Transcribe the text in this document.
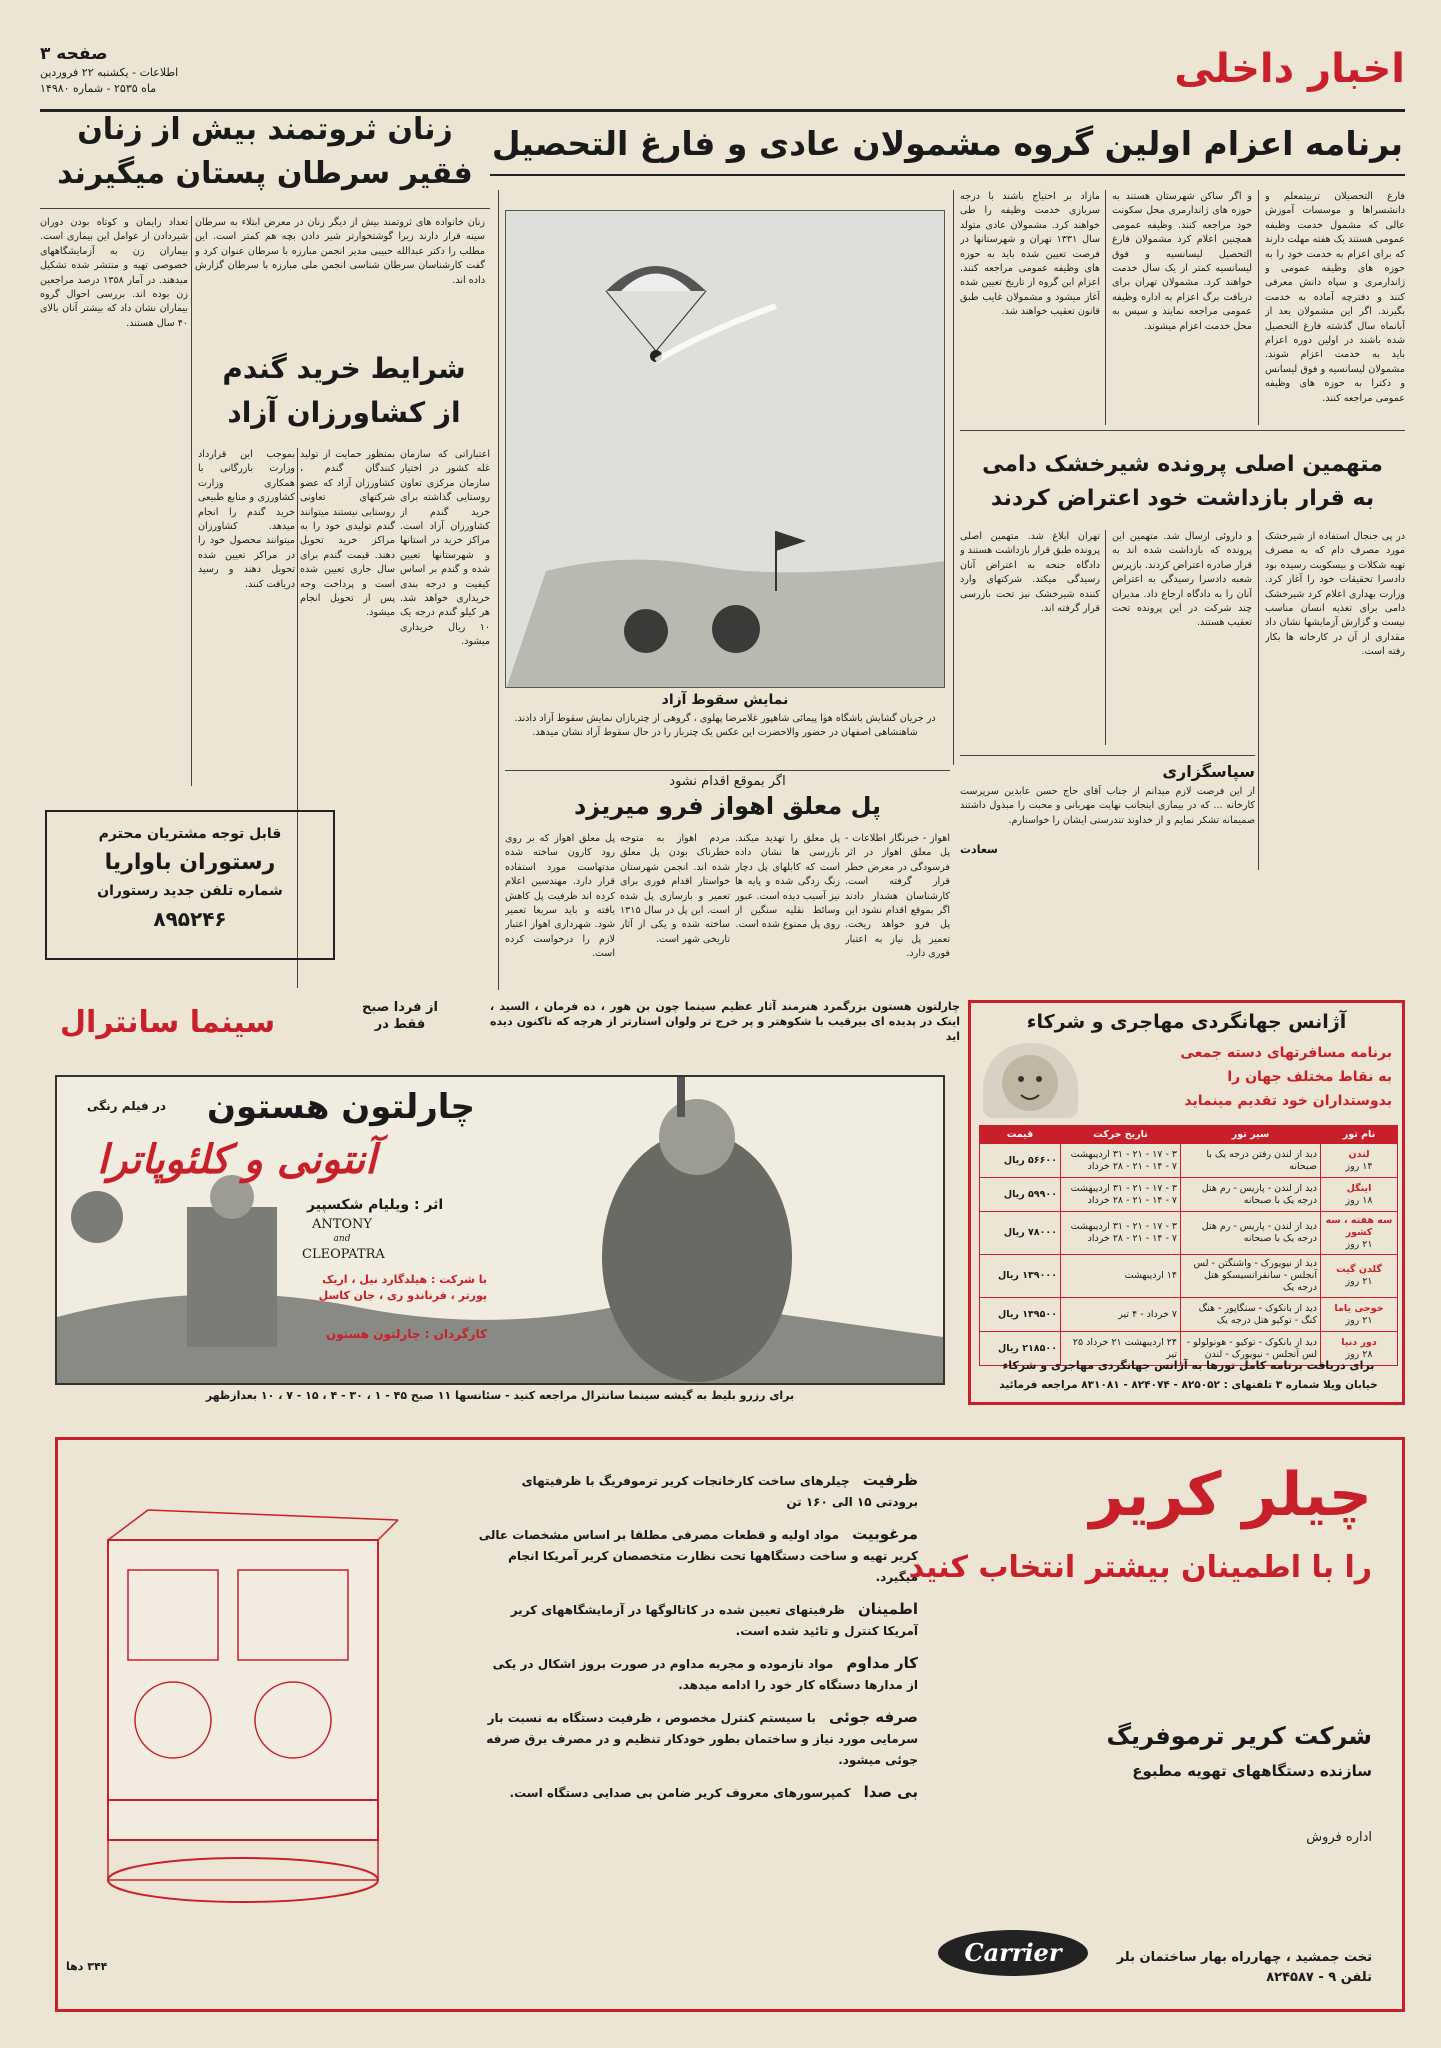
اخبار داخلی
صفحه ۳
اطلاعات - یکشنبه ۲۲ فروردین
ماه ۲۵۳۵ - شماره ۱۴۹۸۰
برنامه اعزام اولین گروه مشمولان عادی و فارغ التحصیل
فارغ التحصیلان تربیتمعلم و دانشسراها و موسسات آموزش عالی که مشمول خدمت وظیفه عمومی هستند یک هفته مهلت دارند که برای اعزام به خدمت خود را به حوزه های وظیفه عمومی و ژاندارمری و سپاه دانش معرفی کنند و دفترچه آماده به خدمت بگیرند. اگر این مشمولان بعد از آبانماه سال گذشته فارغ التحصیل شده باشند در اولین دوره اعزام باید به خدمت اعزام شوند. مشمولان لیسانسیه و فوق لیسانس و دکترا به حوزه های وظیفه عمومی مراجعه کنند.
و اگر ساکن شهرستان هستند به حوزه های ژاندارمری محل سکونت خود مراجعه کنند. وظیفه عمومی همچنین اعلام کرد مشمولان فارغ التحصیل لیسانسیه و فوق لیسانسیه کمتر از یک سال خدمت خواهند کرد. مشمولان تهران برای دریافت برگ اعزام به اداره وظیفه عمومی مراجعه نمایند و سپس به محل خدمت اعزام میشوند.
مازاد بر احتیاج باشند با درجه سربازی خدمت وظیفه را طی خواهند کرد. مشمولان عادی متولد سال ۱۳۳۱ تهران و شهرستانها در فرصت تعیین شده باید به حوزه های وظیفه عمومی مراجعه کنند. اعزام این گروه از تاریخ تعیین شده آغاز میشود و مشمولان غایب طبق قانون تعقیب خواهند شد.
نمایش سقوط آزاد
در جریان گشایش باشگاه هوا پیمائی شاهپور غلامرضا پهلوی ، گروهی از چتربازان نمایش سقوط آزاد دادند. شاهنشاهی اصفهان در حضور والاحضرت این عکس یک چترباز را در حال سقوط آزاد نشان میدهد.
زنان ثروتمند بیش از زنان
فقیر سرطان پستان میگیرند
زنان خانواده های ثروتمند بیش از دیگر زنان در معرض ابتلاء به سرطان سینه قرار دارند زیرا گوشتخوارتر شیر دادن بچه هم کمتر است. این مطلب را دکتر عبدالله حبیبی مدیر انجمن مبارزه با سرطان عنوان کرد و گفت کارشناسان سرطان شناسی انجمن ملی مبارزه با سرطان گزارش داده اند.
تعداد زایمان و کوتاه بودن دوران شیردادن از عوامل این بیماری است. بیماران زن به آزمایشگاههای خصوصی تهیه و منتشر شده تشکیل میدهند. در آمار ۱۳۵۸ درصد مراجعین زن بوده اند. بررسی احوال گروه بیماران نشان داد که بیشتر آنان بالای ۴۰ سال هستند.
شرایط خرید گندم
از کشاورزان آزاد
اعتباراتی که سازمان غله کشور در اختیار سازمان مرکزی تعاون روستایی گذاشته برای خرید گندم از کشاورزان آزاد است. مراکز خرید در استانها و شهرستانها تعیین شده و گندم بر اساس کیفیت و درجه بندی خریداری خواهد شد. هر کیلو گندم درجه یک ۱۰ ریال خریداری میشود.
بمنظور حمایت از تولید کنندگان گندم ، کشاورزان آزاد که عضو شرکتهای تعاونی روستایی نیستند میتوانند گندم تولیدی خود را به مراکز خرید تحویل دهند. قیمت گندم برای سال جاری تعیین شده است و پرداخت وجه پس از تحویل انجام میشود.
بموجب این قرارداد وزارت بازرگانی با همکاری وزارت کشاورزی و منابع طبیعی خرید گندم را انجام میدهد. کشاورزان میتوانند محصول خود را در مراکز تعیین شده تحویل دهند و رسید دریافت کنند.
قابل توجه مشتریان محترم
رستوران باواریا
شماره تلفن جدید رستوران
۸۹۵۲۴۶
متهمین اصلی پرونده شیرخشک دامی
به قرار بازداشت خود اعتراض کردند
در پی جنجال استفاده از شیرخشک مورد مصرف دام که به مصرف تهیه شکلات و بیسکویت رسیده بود دادسرا تحقیقات خود را آغاز کرد. وزارت بهداری اعلام کرد شیرخشک دامی برای تغذیه انسان مناسب نیست و گزارش آزمایشها نشان داد مقداری از آن در کارخانه ها بکار رفته است.
و داروئی ارسال شد. متهمین این پرونده که بازداشت شده اند به قرار صادره اعتراض کردند. بازپرس شعبه دادسرا رسیدگی به اعتراض آنان را به دادگاه ارجاع داد. مدیران چند شرکت در این پرونده تحت تعقیب هستند.
تهران ابلاغ شد. متهمین اصلی پرونده طبق قرار بازداشت هستند و دادگاه جنحه به اعتراض آنان رسیدگی میکند. شرکتهای وارد کننده شیرخشک نیز تحت بازرسی قرار گرفته اند.
سپاسگزاری
از این فرصت لازم میدانم از جناب آقای حاج حسن عابدین سرپرست کارخانه ... که در بیماری اینجانب نهایت مهربانی و محبت را مبذول داشتند صمیمانه تشکر نمایم و از خداوند تندرستی ایشان را خواستارم.
سعادت
اگر بموقع اقدام نشود
پل معلق اهواز فرو میریزد
اهواز - خبرنگار اطلاعات - پل معلق اهواز در اثر فرسودگی در معرض خطر قرار گرفته است. کارشناسان هشدار دادند اگر بموقع اقدام نشود این پل فرو خواهد ریخت. تعمیر پل نیاز به اعتبار فوری دارد.
پل معلق را تهدید میکند. بازرسی ها نشان داده است که کابلهای پل دچار زنگ زدگی شده و پایه ها نیز آسیب دیده است. عبور وسائط نقلیه سنگین از روی پل ممنوع شده است.
مردم اهواز به متوجه خطرناک بودن پل معلق شده اند. انجمن شهرستان خواستار اقدام فوری برای تعمیر و بازسازی پل شده است. این پل در سال ۱۳۱۵ ساخته شده و یکی از آثار تاریخی شهر است.
پل معلق اهواز که بر روی رود کارون ساخته شده مدتهاست مورد استفاده قرار دارد. مهندسین اعلام کرده اند ظرفیت پل کاهش یافته و باید سریعا تعمیر شود. شهرداری اهواز اعتبار لازم را درخواست کرده است.
سینما سانترال	از فردا صبح
فقط در
چارلتون هستون بزرگمرد هنرمند آثار عظیم سینما چون بن هور ، ده فرمان ، السید ، اینک در پدیده ای بیرقیب با شکوهتر و پر خرج تر ولوان استارتر از هرچه که تاکنون دیده اید
چارلتون هستون
در فیلم رنگی
آنتونی و کلئوپاترا
اثر : ویلیام شکسپیر
ANTONY
and
CLEOPATRA
با شرکت : هیلدگارد نیل ، اریک پورتر ، فرناندو ری ، جان کاسل
کارگردان : چارلتون هستون
برای رزرو بلیط به گیشه سینما سانترال مراجعه کنید - سئانسها ۱۱ صبح ۴۵ - ۱ ، ۳۰ - ۴ ، ۱۵ - ۷ ، ۱۰ بعدازظهر
آژانس جهانگردی مهاجری و شرکاء
برنامه مسافرتهای دسته جمعی
به نقاط مختلف جهان را
بدوستداران خود تقدیم مینماید
نام تور	سیر تور	تاریخ حرکت	قیمت

لندن
۱۴ روز	دید از لندن رفتن درجه یک با صبحانه	۳ - ۱۷ - ۲۱ - ۳۱ اردیبهشت ۷ - ۱۴ - ۲۱ - ۲۸ خرداد	۵۶۶۰۰ ریال

اینگل
۱۸ روز	دید از لندن - پاریس - رم هتل درجه یک با صبحانه	۳ - ۱۷ - ۲۱ - ۳۱ اردیبهشت ۷ - ۱۴ - ۲۱ - ۲۸ خرداد	۵۹۹۰۰ ریال

سه هفته ، سه کشور
۲۱ روز	دید از لندن - پاریس - رم هتل درجه یک با صبحانه	۳ - ۱۷ - ۲۱ - ۳۱ اردیبهشت ۷ - ۱۴ - ۲۱ - ۲۸ خرداد	۷۸۰۰۰ ریال

گلدن گیت
۲۱ روز	دید از نیویورک - واشنگتن - لس آنجلس - سانفرانسیسکو هتل درجه یک	۱۴ اردیبهشت	۱۳۹۰۰۰ ریال

خوجی یاما
۲۱ روز	دید از بانکوک - سنگاپور - هنگ کنگ - توکیو هتل درجه یک	۷ خرداد - ۴ تیر	۱۳۹۵۰۰ ریال

دور دنیا
۲۸ روز	دید از بانکوک - توکیو - هونولولو - لس آنجلس - نیویورک - لندن	۲۴ اردیبهشت ۲۱ خرداد ۲۵ تیر	۲۱۸۵۰۰ ریال
برای دریافت برنامه کامل تورها به آژانس جهانگردی مهاجری و شرکاء
خیابان ویلا شماره ۳ تلفنهای : ۸۲۵۰۵۲ - ۸۲۴۰۷۴ - ۸۳۱۰۸۱ مراجعه فرمائید
چیلر کریر
را با اطمینان بیشتر انتخاب کنید
شرکت کریر ترموفریگ
سازنده دستگاههای تهویه مطبوع
اداره فروش
تخت جمشید ، چهارراه بهار ساختمان بلر
تلفن ۹ - ۸۲۴۵۸۷
ظرفیت چیلرهای ساخت کارخانجات کریر ترموفریگ با ظرفیتهای برودتی ۱۵ الی ۱۶۰ تن
مرغوبیت مواد اولیه و قطعات مصرفی مطلقا بر اساس مشخصات عالی کریر تهیه و ساخت دستگاهها تحت نظارت متخصصان کریر آمریکا انجام میگیرد.
اطمینان ظرفیتهای تعیین شده در کاتالوگها در آزمایشگاههای کریر آمریکا کنترل و تائید شده است.
کار مداوم مواد نازموده و مجربه مداوم در صورت بروز اشکال در یکی از مدارها دستگاه کار خود را ادامه میدهد.
صرفه جوئی با سیستم کنترل مخصوص ، ظرفیت دستگاه به نسبت بار سرمایی مورد نیاز و ساختمان بطور خودکار تنظیم و در مصرف برق صرفه جوئی میشود.
بی صدا کمپرسورهای معروف کریر ضامن بی صدایی دستگاه است.
Carrier
۳۴۴ دها
